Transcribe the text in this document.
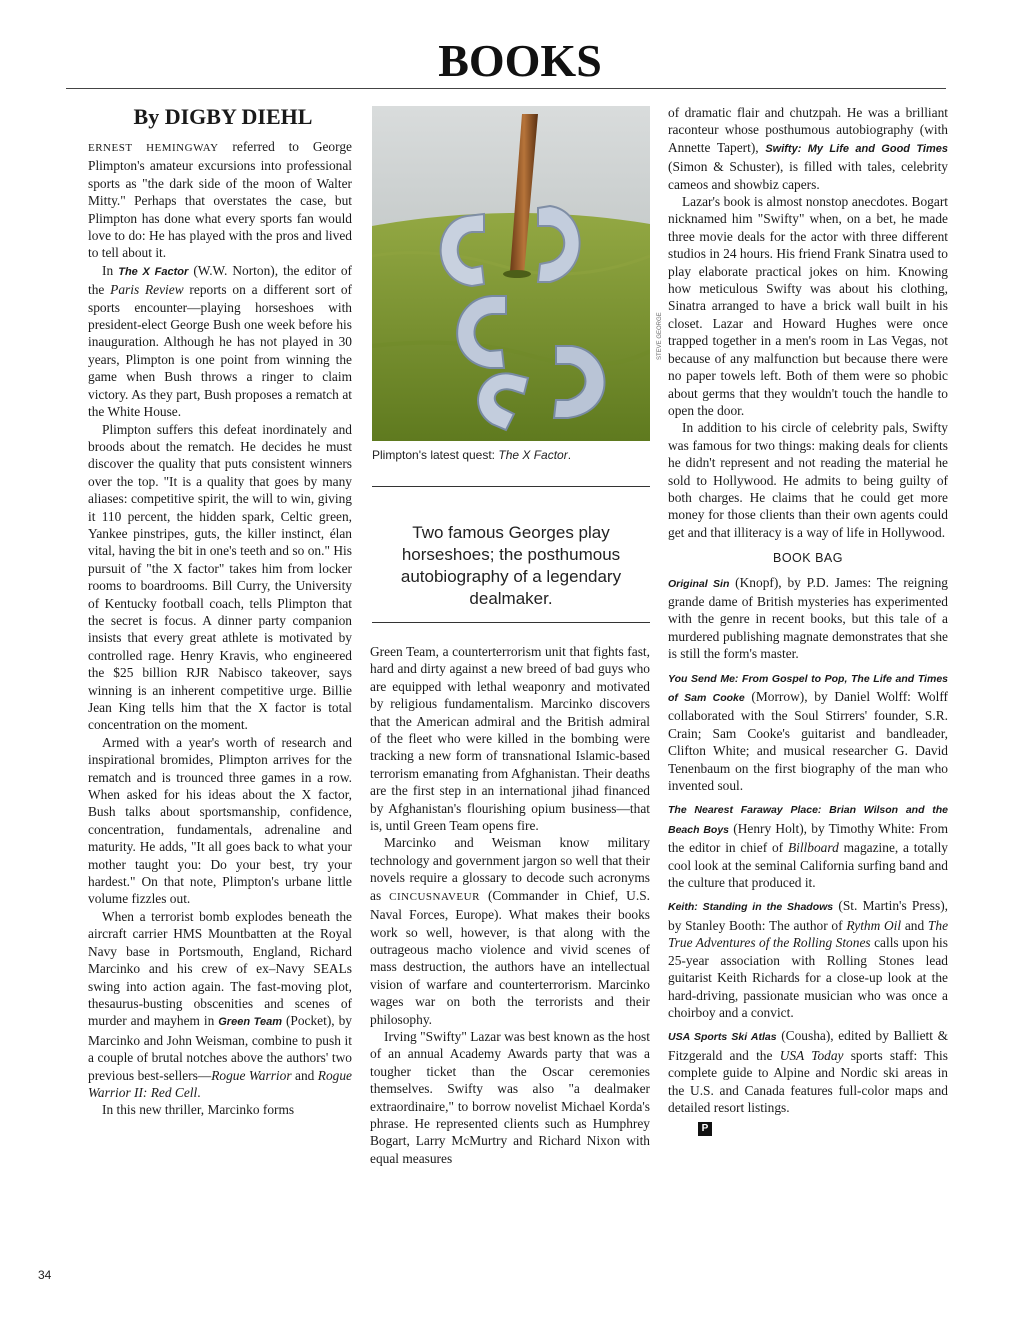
BOOKS
By DIGBY DIEHL

ERNEST HEMINGWAY referred to George Plimpton's amateur excursions into professional sports as "the dark side of the moon of Walter Mitty." Perhaps that overstates the case, but Plimpton has done what every sports fan would love to do: He has played with the pros and lived to tell about it.

In The X Factor (W.W. Norton), the editor of the Paris Review reports on a different sort of sports encounter—playing horseshoes with president-elect George Bush one week before his inauguration. Although he has not played in 30 years, Plimpton is one point from winning the game when Bush throws a ringer to claim victory. As they part, Bush proposes a rematch at the White House.

Plimpton suffers this defeat inordinately and broods about the rematch. He decides he must discover the quality that puts consistent winners over the top. "It is a quality that goes by many aliases: competitive spirit, the will to win, giving it 110 percent, the hidden spark, Celtic green, Yankee pinstripes, guts, the killer instinct, élan vital, having the bit in one's teeth and so on." His pursuit of "the X factor" takes him from locker rooms to boardrooms. Bill Curry, the University of Kentucky football coach, tells Plimpton that the secret is focus. A dinner party companion insists that every great athlete is motivated by controlled rage. Henry Kravis, who engineered the $25 billion RJR Nabisco takeover, says winning is an inherent competitive urge. Billie Jean King tells him that the X factor is total concentration on the moment.

Armed with a year's worth of research and inspirational bromides, Plimpton arrives for the rematch and is trounced three games in a row. When asked for his ideas about the X factor, Bush talks about sportsmanship, confidence, concentration, fundamentals, adrenaline and maturity. He adds, "It all goes back to what your mother taught you: Do your best, try your hardest." On that note, Plimpton's urbane little volume fizzles out.

When a terrorist bomb explodes beneath the aircraft carrier HMS Mountbatten at the Royal Navy base in Portsmouth, England, Richard Marcinko and his crew of ex–Navy SEALs swing into action again. The fast-moving plot, thesaurus-busting obscenities and scenes of murder and mayhem in Green Team (Pocket), by Marcinko and John Weisman, combine to push it a couple of brutal notches above the authors' two previous best-sellers—Rogue Warrior and Rogue Warrior II: Red Cell.

In this new thriller, Marcinko forms

STEVE GEORGE
Plimpton's latest quest: The X Factor.
Two famous Georges play horseshoes; the posthumous autobiography of a legendary dealmaker.

Green Team, a counterterrorism unit that fights fast, hard and dirty against a new breed of bad guys who are equipped with lethal weaponry and motivated by religious fundamentalism. Marcinko discovers that the American admiral and the British admiral of the fleet who were killed in the bombing were tracking a new form of transnational Islamic-based terrorism emanating from Afghanistan. Their deaths are the first step in an international jihad financed by Afghanistan's flourishing opium business—that is, until Green Team opens fire.

Marcinko and Weisman know military technology and government jargon so well that their novels require a glossary to decode such acronyms as CINCUSNAVEUR (Commander in Chief, U.S. Naval Forces, Europe). What makes their books work so well, however, is that along with the outrageous macho violence and vivid scenes of mass destruction, the authors have an intellectual vision of warfare and counterterrorism. Marcinko wages war on both the terrorists and their philosophy.

Irving "Swifty" Lazar was best known as the host of an annual Academy Awards party that was a tougher ticket than the Oscar ceremonies themselves. Swifty was also "a dealmaker extraordinaire," to borrow novelist Michael Korda's phrase. He represented clients such as Humphrey Bogart, Larry McMurtry and Richard Nixon with equal measures

of dramatic flair and chutzpah. He was a brilliant raconteur whose posthumous autobiography (with Annette Tapert), Swifty: My Life and Good Times (Simon & Schuster), is filled with tales, celebrity cameos and showbiz capers.

Lazar's book is almost nonstop anecdotes. Bogart nicknamed him "Swifty" when, on a bet, he made three movie deals for the actor with three different studios in 24 hours. His friend Frank Sinatra used to play elaborate practical jokes on him. Knowing how meticulous Swifty was about his clothing, Sinatra arranged to have a brick wall built in his closet. Lazar and Howard Hughes were once trapped together in a men's room in Las Vegas, not because of any malfunction but because there were no paper towels left. Both of them were so phobic about germs that they wouldn't touch the handle to open the door.

In addition to his circle of celebrity pals, Swifty was famous for two things: making deals for clients he didn't represent and not reading the material he sold to Hollywood. He admits to being guilty of both charges. He claims that he could get more money for those clients than their own agents could get and that illiteracy is a way of life in Hollywood.

BOOK BAG

Original Sin (Knopf), by P.D. James: The reigning grande dame of British mysteries has experimented with the genre in recent books, but this tale of a murdered publishing magnate demonstrates that she is still the form's master.

You Send Me: From Gospel to Pop, The Life and Times of Sam Cooke (Morrow), by Daniel Wolff: Wolff collaborated with the Soul Stirrers' founder, S.R. Crain; Sam Cooke's guitarist and bandleader, Clifton White; and musical researcher G. David Tenenbaum on the first biography of the man who invented soul.

The Nearest Faraway Place: Brian Wilson and the Beach Boys (Henry Holt), by Timothy White: From the editor in chief of Billboard magazine, a totally cool look at the seminal California surfing band and the culture that produced it.

Keith: Standing in the Shadows (St. Martin's Press), by Stanley Booth: The author of Rythm Oil and The True Adventures of the Rolling Stones calls upon his 25-year association with Rolling Stones lead guitarist Keith Richards for a close-up look at the hard-driving, passionate musician who was once a choirboy and a convict.

USA Sports Ski Atlas (Cousha), edited by Balliett & Fitzgerald and the USA Today sports staff: This complete guide to Alpine and Nordic ski areas in the U.S. and Canada features full-color maps and detailed resort listings.
P

34
